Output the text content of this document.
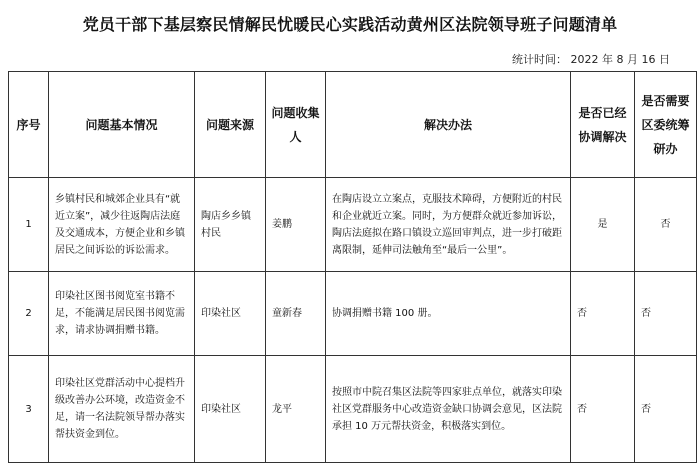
党员干部下基层察民情解民忧暖民心实践活动黄州区法院领导班子问题清单
统计时间： 2022 年 8 月 16 日
序号	问题基本情况	问题来源	问题收集人	解决办法	是否已经协调解决	是否需要区委统筹研办
1	乡镇村民和城郊企业具有“就近立案”，减少往返陶店法庭及交通成本，方便企业和乡镇居民之间诉讼的诉讼需求。	陶店乡乡镇村民	姜鹏	在陶店设立立案点，克服技术障碍，方便附近的村民和企业就近立案。同时，为方便群众就近参加诉讼，陶店法庭拟在路口镇设立巡回审判点，进一步打破距离限制，延伸司法触角至“最后一公里”。	是	否
2	印染社区图书阅览室书籍不足，不能满足居民图书阅览需求，请求协调捐赠书籍。	印染社区	童新春	协调捐赠书籍 100 册。	否	否
3	印染社区党群活动中心提档升级改善办公环境，改造资金不足，请一名法院领导帮办落实帮扶资金到位。	印染社区	龙平	按照市中院召集区法院等四家驻点单位，就落实印染社区党群服务中心改造资金缺口协调会意见，区法院承担 10 万元帮扶资金，积极落实到位。	否	否
